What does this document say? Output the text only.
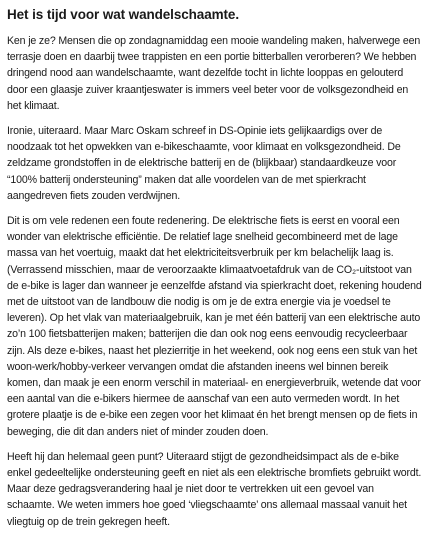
Het is tijd voor wat wandelschaamte.

Ken je ze? Mensen die op zondagnamiddag een mooie wandeling maken, halverwege een terrasje doen en daarbij twee trappisten en een portie bitterballen verorberen? We hebben dringend nood aan wandelschaamte, want dezelfde tocht in lichte looppas en gelouterd door een glaasje zuiver kraantjeswater is immers veel beter voor de volksgezondheid en het klimaat.

Ironie, uiteraard. Maar Marc Oskam schreef in DS-Opinie iets gelijkaardigs over de noodzaak tot het opwekken van e-bikeschaamte, voor klimaat en volksgezondheid. De zeldzame grondstoffen in de elektrische batterij en de (blijkbaar) standaardkeuze voor “100% batterij ondersteuning” maken dat alle voordelen van de met spierkracht aangedreven fiets zouden verdwijnen.

Dit is om vele redenen een foute redenering. De elektrische fiets is eerst en vooral een wonder van elektrische efficiëntie. De relatief lage snelheid gecombineerd met de lage massa van het voertuig, maakt dat het elektriciteitsverbruik per km belachelijk laag is. (Verrassend misschien, maar de veroorzaakte klimaatvoetafdruk van de CO₂-uitstoot van de e-bike is lager dan wanneer je eenzelfde afstand via spierkracht doet, rekening houdend met de uitstoot van de landbouw die nodig is om je de extra energie via je voedsel te leveren). Op het vlak van materiaalgebruik, kan je met één batterij van een elektrische auto zo’n 100 fietsbatterijen maken; batterijen die dan ook nog eens eenvoudig recycleerbaar zijn. Als deze e-bikes, naast het plezierritje in het weekend, ook nog eens een stuk van het woon-werk/hobby-verkeer vervangen omdat die afstanden ineens wel binnen bereik komen, dan maak je een enorm verschil in materiaal- en energieverbruik, wetende dat voor een aantal van die e-bikers hiermee de aanschaf van een auto vermeden wordt. In het grotere plaatje is de e-bike een zegen voor het klimaat én het brengt mensen op de fiets in beweging, die dit dan anders niet of minder zouden doen.

Heeft hij dan helemaal geen punt? Uiteraard stijgt de gezondheidsimpact als de e-bike enkel gedeeltelijke ondersteuning geeft en niet als een elektrische bromfiets gebruikt wordt. Maar deze gedragsverandering haal je niet door te vertrekken uit een gevoel van schaamte. We weten immers hoe goed ‘vliegschaamte’ ons allemaal massaal vanuit het vliegtuig op de trein gekregen heeft.
